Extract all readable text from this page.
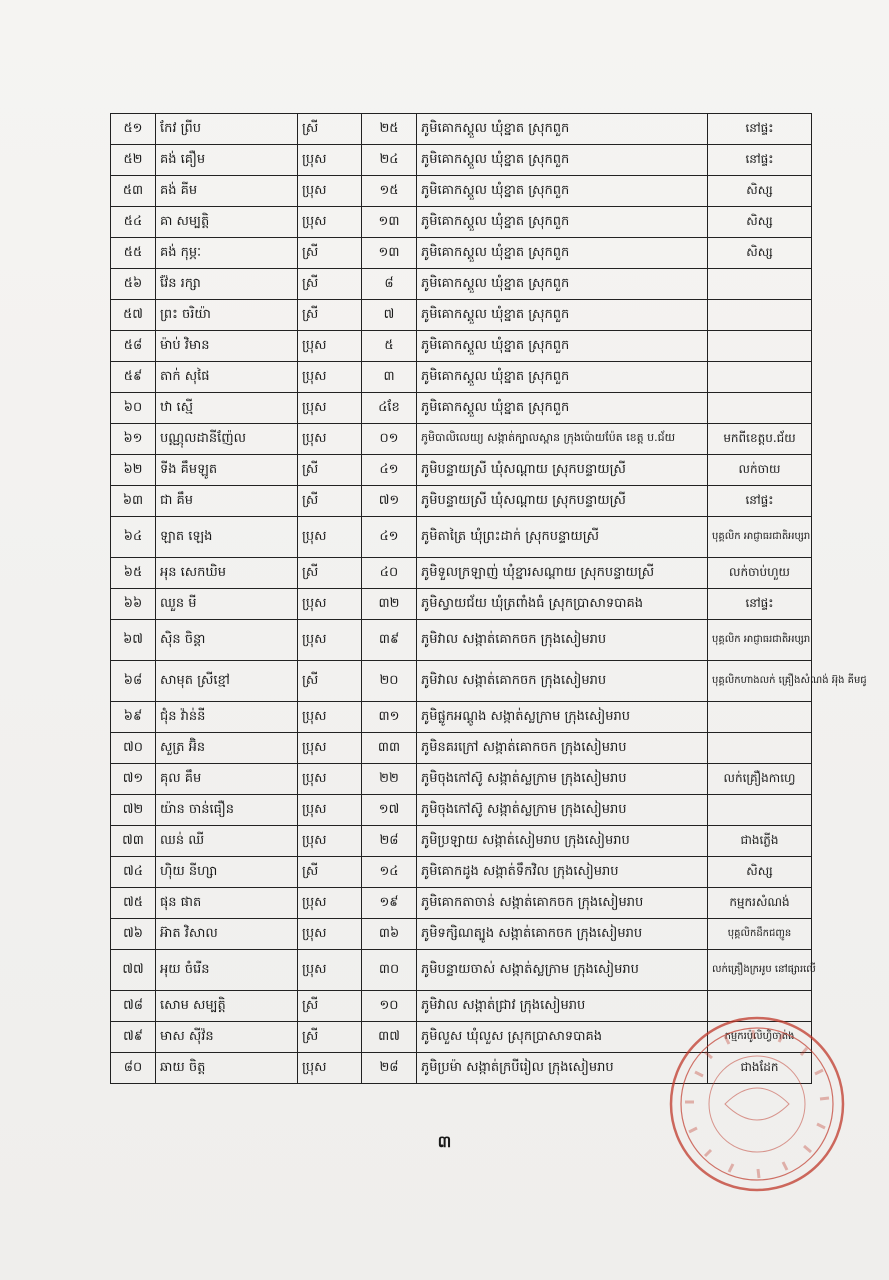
៥១	កែវ ព្រីប	ស្រី	២៥	ភូមិគោកស្គួល ឃុំខ្នាត ស្រុកពួក	នៅផ្ទះ
៥២	គង់ គឿម	ប្រុស	២៤	ភូមិគោកស្គួល ឃុំខ្នាត ស្រុកពួក	នៅផ្ទះ
៥៣	គង់ គីម	ប្រុស	១៥	ភូមិគោកស្គួល ឃុំខ្នាត ស្រុកពួក	សិស្ស
៥៤	គា សម្បត្តិ	ប្រុស	១៣	ភូមិគោកស្គួល ឃុំខ្នាត ស្រុកពួក	សិស្ស
៥៥	គង់ កុម្ភៈ	ស្រី	១៣	ភូមិគោកស្គួល ឃុំខ្នាត ស្រុកពួក	សិស្ស
៥៦	វ៉ែន រក្សា	ស្រី	៨	ភូមិគោកស្គួល ឃុំខ្នាត ស្រុកពួក	
៥៧	ព្រះ ចរិយ៉ា	ស្រី	៧	ភូមិគោកស្គួល ឃុំខ្នាត ស្រុកពួក	
៥៨	ម៉ាប់ វិមាន	ប្រុស	៥	ភូមិគោកស្គួល ឃុំខ្នាត ស្រុកពួក	
៥៩	តាក់ សុផៃ	ប្រុស	៣	ភូមិគោកស្គួល ឃុំខ្នាត ស្រុកពួក	
៦០	ឋា ស្មើ	ប្រុស	៤ខែ	ភូមិគោកស្គួល ឃុំខ្នាត ស្រុកពួក	
៦១	បណ្ណុលដានីញ៉ែល	ប្រុស	០១	ភូមិបាលិលេយ្យ សង្កាត់ក្បាលស្ពាន ក្រុងប៉ោយប៉ែត ខេត្ត ប.ជ័យ	មកពីខេត្តប.ជ័យ
៦២	ទីង គឹមឡូត	ស្រី	៤១	ភូមិបន្ទាយស្រី ឃុំសណ្តាយ ស្រុកបន្ទាយស្រី	លក់ចាយ
៦៣	ជា គឹម	ស្រី	៧១	ភូមិបន្ទាយស្រី ឃុំសណ្តាយ ស្រុកបន្ទាយស្រី	នៅផ្ទះ
៦៤	ឡាត ឡេង	ប្រុស	៤១	ភូមិតាត្រៃ ឃុំព្រះដាក់ ស្រុកបន្ទាយស្រី	បុគ្គលិក អាជ្ញាធរជាតិអប្សរា
៦៥	អុន សេកឃិម	ស្រី	៤០	ភូមិទួលក្រឡាញ់ ឃុំខ្នារសណ្តាយ ស្រុកបន្ទាយស្រី	លក់ចាប់ហួយ
៦៦	ឈួន មី	ប្រុស	៣២	ភូមិស្វាយជ័យ ឃុំត្រពាំងធំ ស្រុកប្រាសាទបាគង	នៅផ្ទះ
៦៧	ស៊ិន ចិន្តា	ប្រុស	៣៩	ភូមិវាល សង្កាត់គោកចក ក្រុងសៀមរាប	បុគ្គលិក អាជ្ញាធរជាតិអប្សរា
៦៨	សាមុត ស្រីខ្មៅ	ស្រី	២០	ភូមិវាល សង្កាត់គោកចក ក្រុងសៀមរាប	បុគ្គលិកហាងលក់ គ្រឿងសំណង់ អ៊ុង គីមជូ
៦៩	ជុំន វ៉ាន់នី	ប្រុស	៣១	ភូមិផ្លូកអណ្តូង សង្កាត់ស្លក្រាម ក្រុងសៀមរាប	
៧០	សួត្រ អ៊ិន	ប្រុស	៣៣	ភូមិនគរក្រៅ សង្កាត់គោកចក ក្រុងសៀមរាប	
៧១	គុល គឹម	ប្រុស	២២	ភូមិចុងកៅស៊ូ សង្កាត់ស្លក្រាម ក្រុងសៀមរាប	លក់គ្រឿងកាហ្វេ
៧២	យ៉ាន ចាន់ធឿន	ប្រុស	១៧	ភូមិចុងកៅស៊ូ សង្កាត់ស្លក្រាម ក្រុងសៀមរាប	
៧៣	ឈន់ ឈី	ប្រុស	២៨	ភូមិប្រឡាយ សង្កាត់សៀមរាប ក្រុងសៀមរាប	ជាងភ្លើង
៧៤	ហ៊ិយ នីហ្សា	ស្រី	១៤	ភូមិគោកដូង សង្កាត់ទឹកវិល ក្រុងសៀមរាប	សិស្ស
៧៥	ផុន ផាត	ប្រុស	១៩	ភូមិគោកតាចាន់ សង្កាត់គោកចក ក្រុងសៀមរាប	កម្មករសំណង់
៧៦	អ៊ាត វិសាល	ប្រុស	៣៦	ភូមិទក្សិណត្បូង សង្កាត់គោកចក ក្រុងសៀមរាប	បុគ្គលិកដឹកជញ្ជូន
៧៧	អុយ ចំរើន	ប្រុស	៣០	ភូមិបន្ទាយចាស់ សង្កាត់ស្លក្រាម ក្រុងសៀមរាប	លក់គ្រឿងក្រអូប នៅផ្សារលើ
៧៨	សោម សម្បត្តិ	ស្រី	១០	ភូមិវាល សង្កាត់ជ្រាវ ក្រុងសៀមរាប	
៧៩	មាស ស៊ីវ៉ន	ស្រី	៣៧	ភូមិលួស ឃុំលួស ស្រុកប្រាសាទបាគង	កម្មករប៉ូលិហ្វិចាត់ង
៨០	ឆាយ ចិត្ត	ប្រុស	២៨	ភូមិប្រម៉ា សង្កាត់ក្របីរៀល ក្រុងសៀមរាប	ជាងដែក
៣
